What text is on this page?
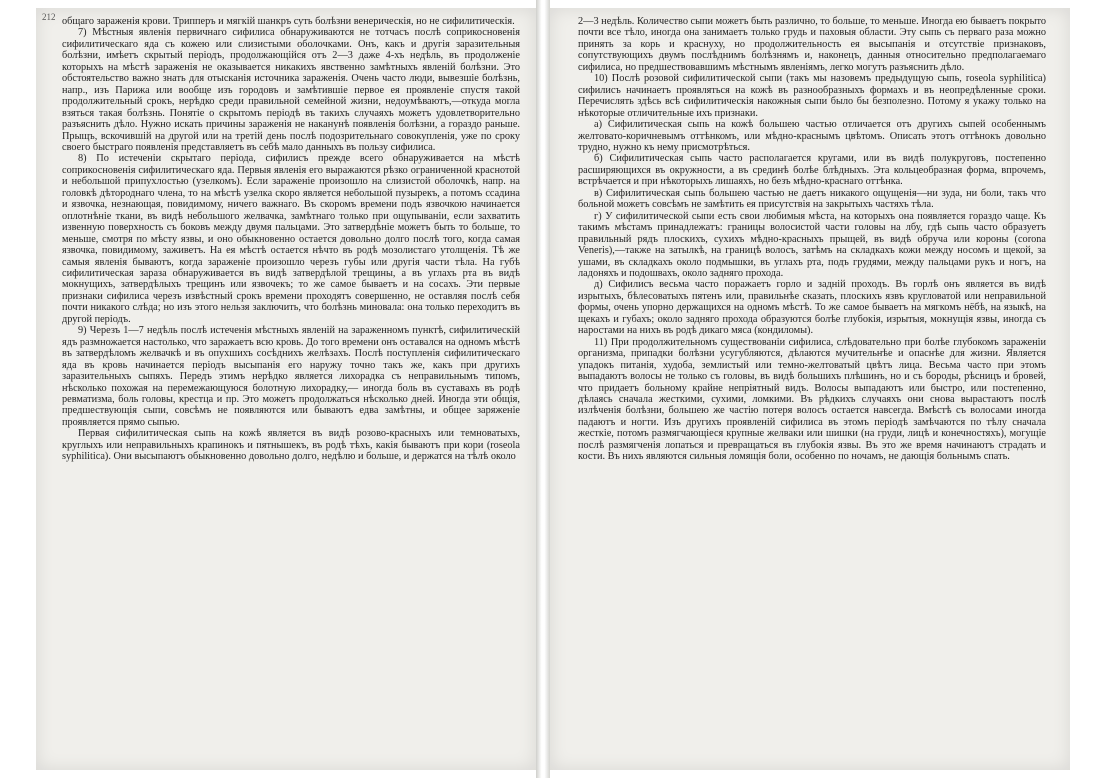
212 общаго зараженія крови. Трипперъ и мягкій шанкръ суть болѣзни венерическія, но не сифилитическія.

7) Мѣстныя явленія первичнаго сифилиса обнаруживаются не тотчасъ послѣ соприкосновенія сифилитическаго яда съ кожею или слизистыми оболочками. Онъ, какъ и другія заразительныя болѣзни, имѣетъ скрытый періодъ, продолжающійся отъ 2—3 даже 4-хъ недѣль, въ продолженіе которыхъ на мѣстѣ зараженія не оказывается никакихъ явственно замѣтныхъ явленій болѣзни. Это обстоятельство важно знать для отысканія источника зараженія. Очень часто люди, вывезшіе болѣзнь, напр., изъ Парижа или вообще изъ городовъ и замѣтившіе первое ея проявленіе спустя такой продолжительный срокъ, нерѣдко среди правильной семейной жизни, недоумѣваютъ,—откуда могла взяться такая болѣзнь. Понятіе о скрытомъ періодѣ въ такихъ случаяхъ можетъ удовлетворительно разъяснить дѣло. Нужно искать причины зараженія не наканунѣ появленія болѣзни, а гораздо раньше. Прыщъ, вскочившій на другой или на третій день послѣ подозрительнаго совокупленія, уже по сроку своего быстраго появленія представляетъ въ себѣ мало данныхъ въ пользу сифилиса.

8) По истеченіи скрытаго періода, сифилисъ прежде всего обнаруживается на мѣстѣ соприкосновенія сифилитическаго яда. Первыя явленія его выражаются рѣзко ограниченной краснотой и небольшой припухлостью (узелкомъ). Если зараженіе произошло на слизистой оболочкѣ, напр. на головкѣ дѣтороднаго члена, то на мѣстѣ узелка скоро является небольшой пузырекъ, а потомъ ссадина и язвочка, незнающая, повидимому, ничего важнаго. Въ скоромъ времени подъ язвочкою начинается оплотнѣніе ткани, въ видѣ небольшого желвачка, замѣтнаго только при ощупываніи, если захватить извенную поверхность съ боковъ между двумя пальцами. Это затвердѣніе можетъ быть то больше, то меньше, смотря по мѣсту язвы, и оно обыкновенно остается довольно долго послѣ того, когда самая язвочка, повидимому, заживетъ. На ея мѣстѣ остается нѣчто въ родѣ мозолистаго утолщенія. Тѣ же самыя явленія бываютъ, когда зараженіе произошло черезъ губы или другія части тѣла. На губѣ сифилитическая зараза обнаруживается въ видѣ затвердѣлой трещины, а въ углахъ рта въ видѣ мокнущихъ, затвердѣлыхъ трещинъ или язвочекъ; то же самое бываетъ и на сосахъ. Эти первые признаки сифилиса черезъ извѣстный срокъ времени проходятъ совершенно, не оставляя послѣ себя почти никакого слѣда; но изъ этого нельзя заключить, что болѣзнь миновала: она только переходитъ въ другой періодъ.

9) Черезъ 1—7 недѣль послѣ истеченія мѣстныхъ явленій на зараженномъ пунктѣ, сифилитическій ядъ размножается настолько, что заражаетъ всю кровь. До того времени онъ оставался на одномъ мѣстѣ въ затвердѣломъ желвачкѣ и въ опухшихъ сосѣднихъ желѣзахъ. Послѣ поступленія сифилитическаго яда въ кровь начинается періодъ высыпанія его наружу точно такъ же, какъ при другихъ заразительныхъ сыпяхъ. Передъ этимъ нерѣдко является лихорадка съ неправильнымъ типомъ, нѣсколько похожая на перемежающуюся болотную лихорадку,— иногда боль въ суставахъ въ родѣ ревматизма, боль головы, крестца и пр. Это можетъ продолжаться нѣсколько дней. Иногда эти общія, предшествующія сыпи, совсѣмъ не появляются или бываютъ едва замѣтны, и общее заряженіе проявляется прямо сыпью.

Первая сифилитическая сыпь на кожѣ является въ видѣ розово-красныхъ или темноватыхъ, круглыхъ или неправильныхъ крапинокъ и пятнышекъ, въ родѣ тѣхъ, какія бываютъ при кори (roseola syphilitica). Они высыпаютъ обыкновенно довольно долго, недѣлю и больше, и держатся на тѣлѣ около

2—3 недѣль. Количество сыпи можетъ быть различно, то больше, то меньше. Иногда ею бываетъ покрыто почти все тѣло, иногда она занимаетъ только грудь и паховыя области. Эту сыпь съ перваго раза можно принять за корь и краснуху, но продолжительность ея высыпанія и отсутствіе признаковъ, сопутствующихъ двумъ послѣднимъ болѣзнямъ и, наконецъ, данныя относительно предполагаемаго сифилиса, но предшествовавшимъ мѣстнымъ явленіямъ, легко могутъ разъяснить дѣло.

10) Послѣ розовой сифилитической сыпи (такъ мы назовемъ предыдущую сыпь, roseola syphilitica) сифилисъ начинаетъ проявляться на кожѣ въ разнообразныхъ формахъ и въ неопредѣленные сроки. Перечислять здѣсь всѣ сифилитическія накожныя сыпи было бы безполезно. Потому я укажу только на нѣкоторые отличительные ихъ признаки.

а) Сифилитическая сыпь на кожѣ большею частью отличается отъ другихъ сыпей особеннымъ желтовато-коричневымъ оттѣнкомъ, или мѣдно-краснымъ цвѣтомъ. Описать этотъ оттѣнокъ довольно трудно, нужно къ нему присмотрѣться.

б) Сифилитическая сыпь часто располагается кругами, или въ видѣ полукруговъ, постепенно расширяющихся въ окружности, а въ срединѣ болѣе блѣдныхъ. Эта кольцеобразная форма, впрочемъ, встрѣчается и при нѣкоторыхъ лишаяхъ, но безъ мѣдно-краснаго оттѣнка.

в) Сифилитическая сыпь большею частью не даетъ никакого ощущенія—ни зуда, ни боли, такъ что больной можетъ совсѣмъ не замѣтить ея присутствія на закрытыхъ частяхъ тѣла.

г) У сифилитической сыпи есть свои любимыя мѣста, на которыхъ она появляется гораздо чаще. Къ такимъ мѣстамъ принадлежатъ: границы волосистой части головы на лбу, гдѣ сыпь часто образуетъ правильный рядъ плоскихъ, сухихъ мѣдно-красныхъ прыщей, въ видѣ обруча или короны (corona Veneris),—также на затылкѣ, на границѣ волосъ, затѣмъ на складкахъ кожи между носомъ и щекой, за ушами, въ складкахъ около подмышки, въ углахъ рта, подъ грудями, между пальцами рукъ и ногъ, на ладоняхъ и подошвахъ, около задняго прохода.

д) Сифилисъ весьма часто поражаетъ горло и задній проходъ. Въ горлѣ онъ является въ видѣ изрытыхъ, бѣлесоватыхъ пятенъ или, правильнѣе сказать, плоскихъ язвъ кругловатой или неправильной формы, очень упорно держащихся на одномъ мѣстѣ. То же самое бываетъ на мягкомъ нёбѣ, на языкѣ, на щекахъ и губахъ; около задняго прохода образуются болѣе глубокія, изрытыя, мокнущія язвы, иногда съ наростами на нихъ въ родѣ дикаго мяса (кондиломы).

11) При продолжительномъ существованіи сифилиса, слѣдовательно при болѣе глубокомъ зараженіи организма, припадки болѣзни усугубляются, дѣлаются мучительнѣе и опаснѣе для жизни. Является упадокъ питанія, худоба, землистый или темно-желтоватый цвѣтъ лица. Весьма часто при этомъ выпадаютъ волосы не только съ головы, въ видѣ большихъ плѣшинъ, но и съ бороды, рѣсницъ и бровей, что придаетъ больному крайне непріятный видъ. Волосы выпадаютъ или быстро, или постепенно, дѣлаясь сначала жесткими, сухими, ломкими. Въ рѣдкихъ случаяхъ они снова вырастаютъ послѣ излѣченія болѣзни, большею же частію потеря волосъ остается навсегда. Вмѣстѣ съ волосами иногда падаютъ и ногти. Изъ другихъ проявленій сифилиса въ этомъ періодѣ замѣчаются по тѣлу сначала жесткіе, потомъ размягчающіеся крупные желваки или шишки (на груди, лицѣ и конечностяхъ), могущіе послѣ размягченія лопаться и превращаться въ глубокія язвы. Въ это же время начинаютъ страдать и кости. Въ нихъ являются сильныя ломящія боли, особенно по ночамъ, не дающія больнымъ спать.
